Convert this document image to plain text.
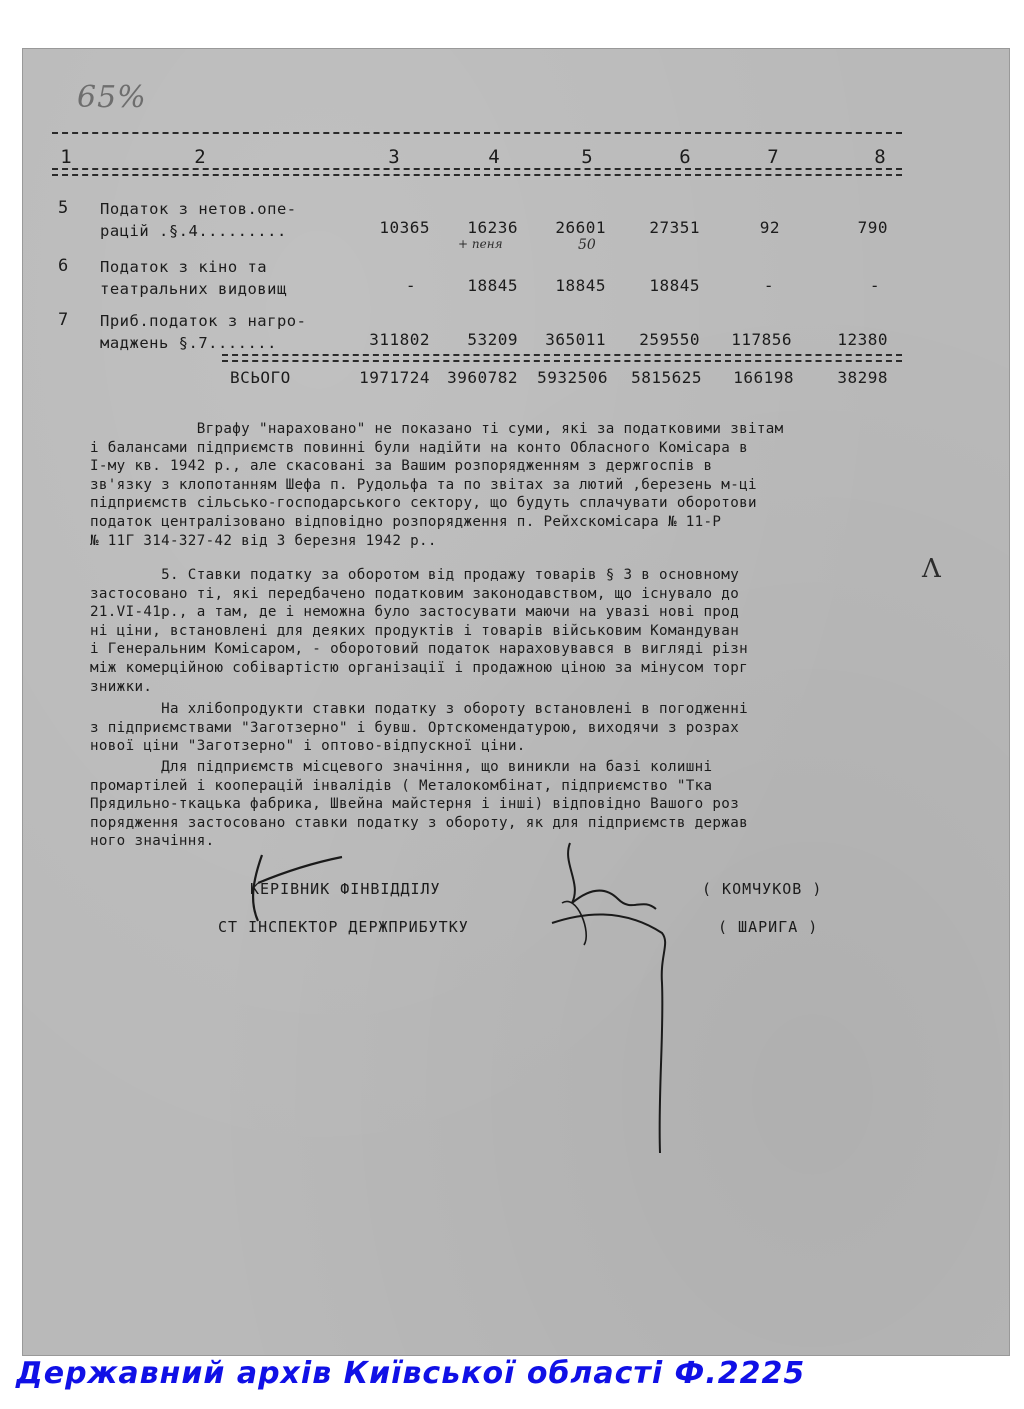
65%
1	2	3	4	5	6	7	8
5 Податок з нетов.опе-
рацій .§.4.........	10365	16236	26601	27351	92	790
+ пеня	50
6 Податок з кіно та
театральних видовищ	-	18845	18845	18845	-	-
7 Приб.податок з нагро-
маджень §.7.......	311802	53209	365011	259550	117856	12380
ВСЬОГО	1971724	3960782	5932506	5815625	166198	38298
Вграфу "нараховано" не показано ті суми, які за податковими звітам
і балансами підприємств повинні були надійти на конто Обласного Комісара в
І-му кв. 1942 р., але скасовані за Вашим розпорядженням з держгоспів в
зв'язку з клопотанням Шефа п. Рудольфа та по звітах за лютий ,березень м-ці
підприємств сільсько-господарського сектору, що будуть сплачувати оборотови
податок централізовано відповідно розпорядження п. Рейхскомісара № 11-Р
№ 11Г 314-327-42 від 3 березня 1942 р..
5. Ставки податку за оборотом від продажу товарів § 3 в основному
застосовано ті, які передбачено податковим законодавством, що існувало до
21.VI-41р., а там, де і неможна було застосувати маючи на увазі нові прод
ні ціни, встановлені для деяких продуктів і товарів військовим Командуван
і Генеральним Комісаром, - оборотовий податок нараховувався в вигляді різн
між комерційною собівартістю організації і продажною ціною за мінусом торг
знижки.
На хлібопродукти ставки податку з обороту встановлені в погодженні
з підприємствами "Заготзерно" і бувш. Ортскомендатурою, виходячи з розрах
нової ціни "Заготзерно" і оптово-відпускної ціни.
Для підприємств місцевого значіння, що виникли на базі колишні
промартілей і кооперацій інвалідів ( Металокомбінат, підприємство "Тка
Прядильно-ткацька фабрика, Швейна майстерня і інші) відповідно Вашого роз
порядження застосовано ставки податку з обороту, як для підприємств держав
ного значіння.
КЕРІВНИК ФІНВІДДІЛУ	( КОМЧУКОВ )
СТ ІНСПЕКТОР ДЕРЖПРИБУТКУ	( ШАРИГА )
Λ
Державний архів Київської області Ф.2225
